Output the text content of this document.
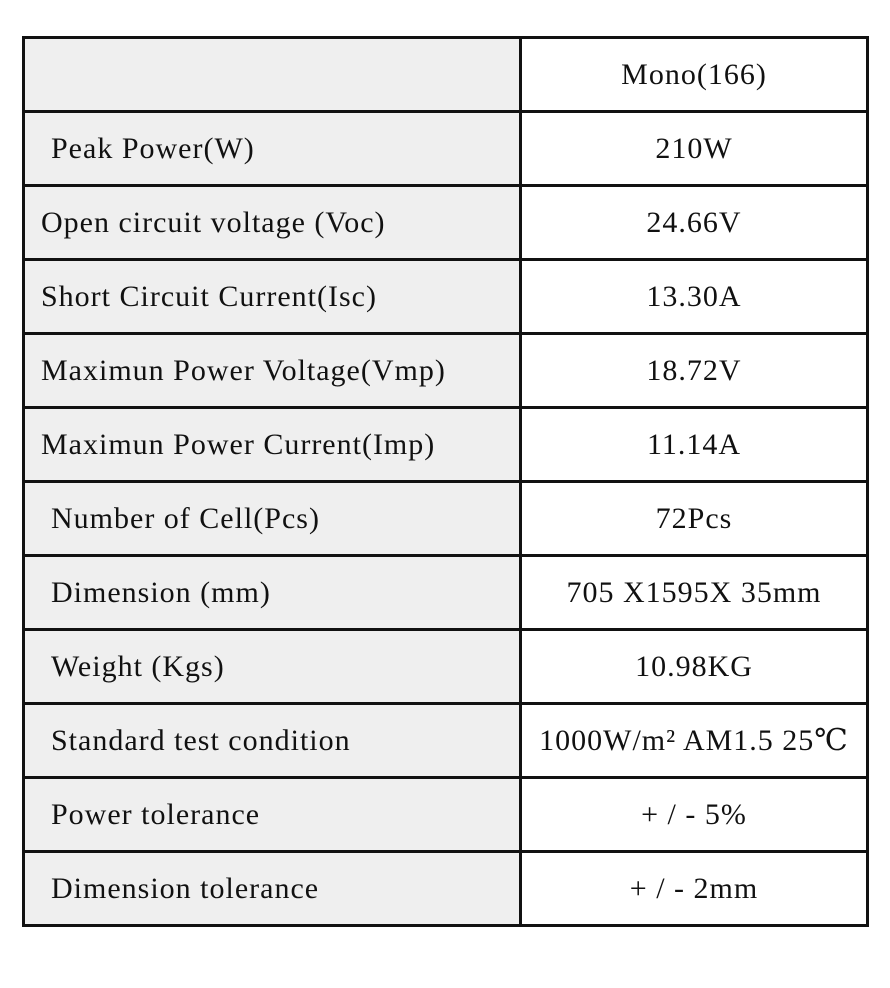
	Mono(166)
Peak Power(W)	210W
Open circuit voltage (Voc)	24.66V
Short Circuit Current(Isc)	13.30A
Maximun Power Voltage(Vmp)	18.72V
Maximun Power Current(Imp)	11.14A
Number of Cell(Pcs)	72Pcs
Dimension (mm)	705 X1595X 35mm
Weight (Kgs)	10.98KG
Standard test condition	1000W/m² AM1.5 25℃
Power tolerance	+ / - 5%
Dimension tolerance	+ / - 2mm
